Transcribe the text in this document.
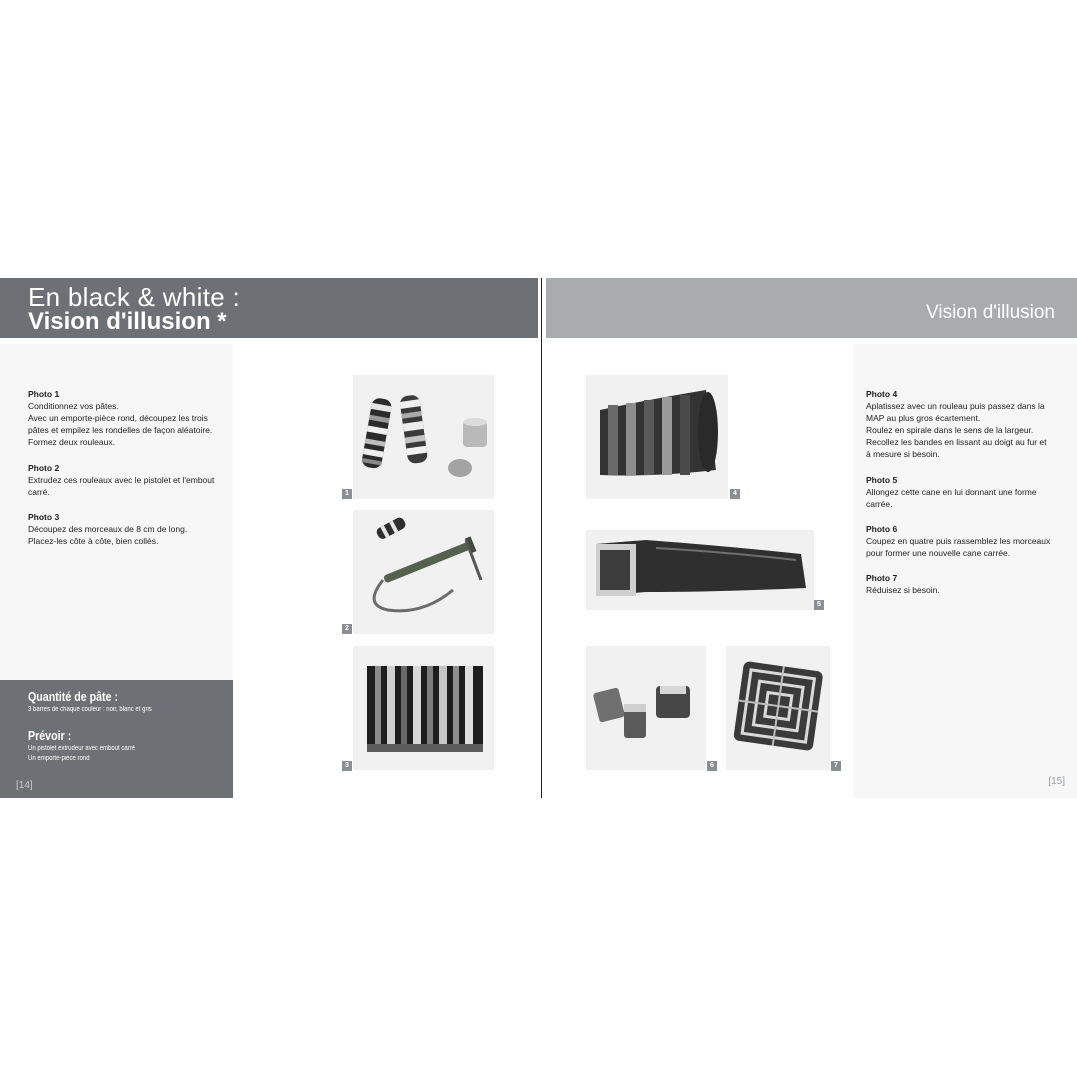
En black & white :
Vision d'illusion *
Photo 1
Conditionnez vos pâtes.
Avec un emporte-pièce rond, découpez les trois
pâtes et empilez les rondelles de façon aléatoire.
Formez deux rouleaux.
Photo 2
Extrudez ces rouleaux avec le pistolet et l'embout
carré.
Photo 3
Découpez des morceaux de 8 cm de long.
Placez-les côte à côte, bien collés.
Quantité de pâte :
3 barres de chaque couleur : noir, blanc et gris
Prévoir :
Un pistolet extrudeur avec embout carré
Un emporte-pièce rond
[14]
1
2
3
Vision d'illusion
Photo 4
Aplatissez avec un rouleau puis passez dans la
MAP au plus gros écartement.
Roulez en spirale dans le sens de la largeur.
Recollez les bandes en lissant au doigt au fur et
à mesure si besoin.
Photo 5
Allongez cette cane en lui donnant une forme
carrée.
Photo 6
Coupez en quatre puis rassemblez les morceaux
pour former une nouvelle cane carrée.
Photo 7
Réduisez si besoin.
[15]
4
5
6	7
